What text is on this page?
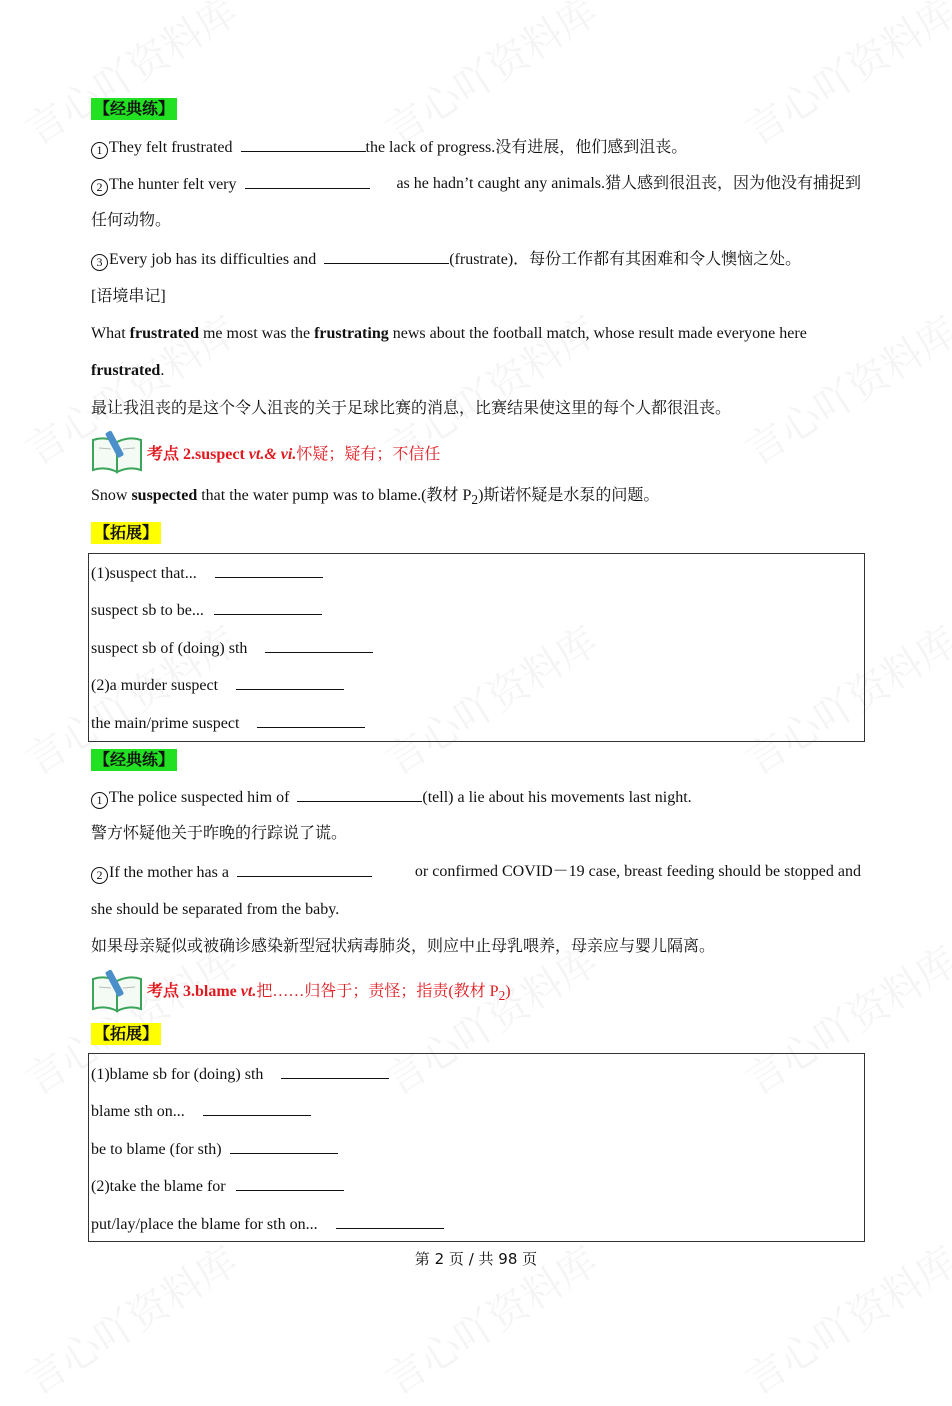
【经典练】
1 They felt frustrated	the lack of progress.没有进展，他们感到沮丧。
2 The hunter felt very	as he hadn’t caught any animals.猎人感到很沮丧，因为他没有捕捉到
任何动物。
3 Every job has its difficulties and	(frustrate)．每份工作都有其困难和令人懊恼之处。
[语境串记]
What frustrated me most was the frustrating news about the football match, whose result made everyone here
frustrated.
最让我沮丧的是这个令人沮丧的关于足球比赛的消息，比赛结果使这里的每个人都很沮丧。
考点 2.suspect vt.& vi.怀疑；疑有；不信任
Snow suspected that the water pump was to blame.(教材 $P_2$)斯诺怀疑是水泵的问题。
【拓展】
(1)suspect that...
suspect sb to be...
suspect sb of (doing) sth
(2)a murder suspect
the main/prime suspect
【经典练】
1 The police suspected him of	(tell) a lie about his movements last night.
警方怀疑他关于昨晚的行踪说了谎。
2 If the mother has a	or confirmed COVID－19 case, breast feeding should be stopped and
she should be separated from the baby.
如果母亲疑似或被确诊感染新型冠状病毒肺炎，则应中止母乳喂养，母亲应与婴儿隔离。
考点 3.blame vt.把……归咎于；责怪；指责(教材 $P_2$)
【拓展】
(1)blame sb for (doing) sth
blame sth on...
be to blame (for sth)
(2)take the blame for
put/lay/place the blame for sth on...
第 2 页 / 共 98 页
